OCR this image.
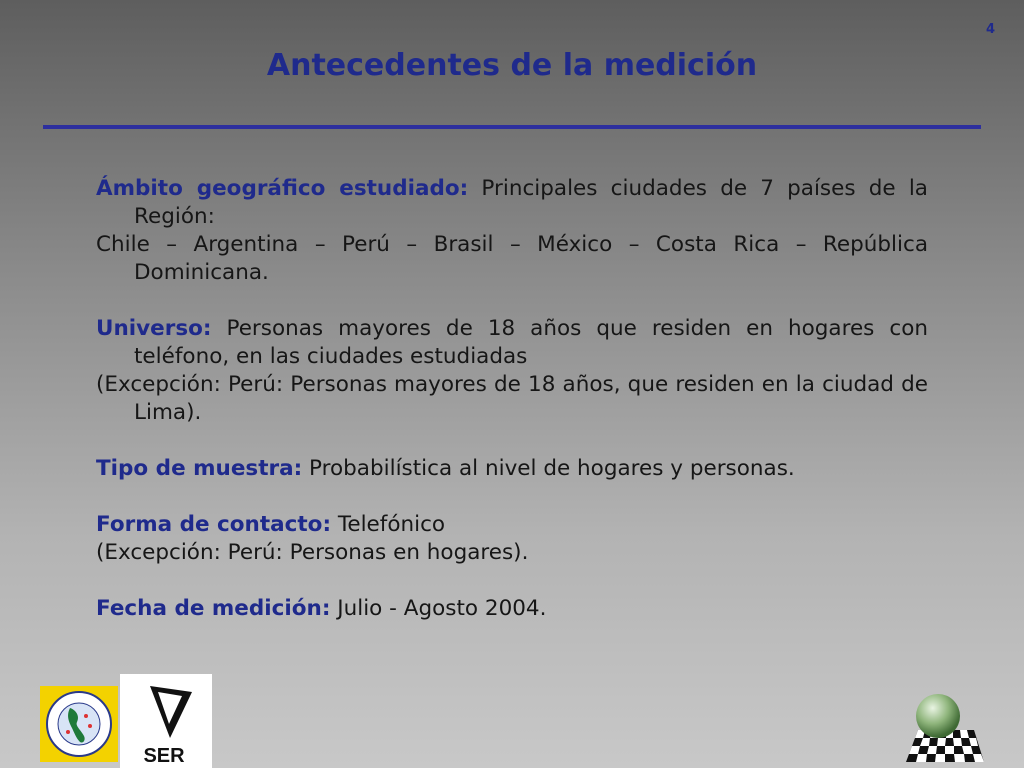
4
Antecedentes de la medición

Ámbito geográfico estudiado: Principales ciudades de 7 países de la Región:

Chile – Argentina – Perú – Brasil – México – Costa Rica – República Dominicana.

Universo: Personas mayores de 18 años que residen en hogares con teléfono, en las ciudades estudiadas

(Excepción: Perú: Personas mayores de 18 años, que residen en la ciudad de Lima).

Tipo de muestra: Probabilística al nivel de hogares y personas.

Forma de contacto: Telefónico

(Excepción: Perú: Personas en hogares).

Fecha de medición: Julio - Agosto 2004.

SER
